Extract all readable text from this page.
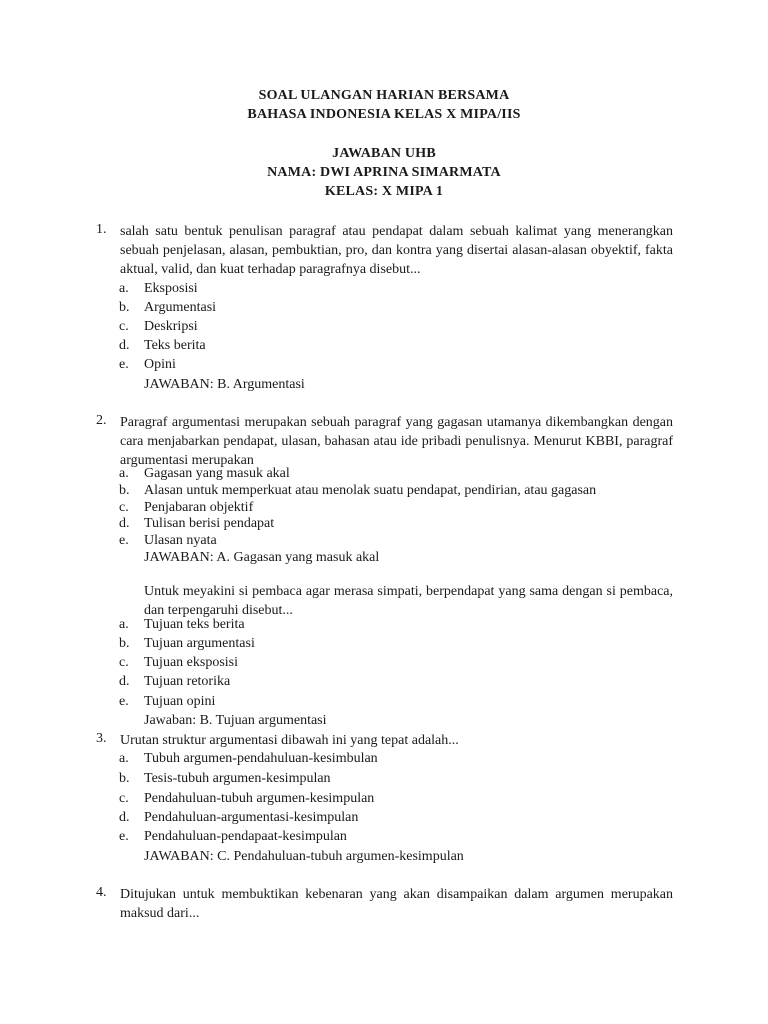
SOAL ULANGAN HARIAN BERSAMA
BAHASA INDONESIA KELAS X MIPA/IIS
JAWABAN UHB
NAMA: DWI APRINA SIMARMATA
KELAS: X MIPA 1
1. salah satu bentuk penulisan paragraf atau pendapat dalam sebuah kalimat yang menerangkan sebuah penjelasan, alasan, pembuktian, pro, dan kontra yang disertai alasan-alasan obyektif, fakta aktual, valid, dan kuat terhadap paragrafnya disebut...
a. Eksposisi
b. Argumentasi
c. Deskripsi
d. Teks berita
e. Opini
JAWABAN: B. Argumentasi
2. Paragraf argumentasi merupakan sebuah paragraf yang gagasan utamanya dikembangkan dengan cara menjabarkan pendapat, ulasan, bahasan atau ide pribadi penulisnya. Menurut KBBI, paragraf argumentasi merupakan
a. Gagasan yang masuk akal
b. Alasan untuk memperkuat atau menolak suatu pendapat, pendirian, atau gagasan
c. Penjabaran objektif
d. Tulisan berisi pendapat
e. Ulasan nyata
JAWABAN: A. Gagasan yang masuk akal
Untuk meyakini si pembaca agar merasa simpati, berpendapat yang sama dengan si pembaca, dan terpengaruhi disebut...
a. Tujuan teks berita
b. Tujuan argumentasi
c. Tujuan eksposisi
d. Tujuan retorika
e. Tujuan opini
Jawaban: B. Tujuan argumentasi
3. Urutan struktur argumentasi dibawah ini yang tepat adalah...
a. Tubuh argumen-pendahuluan-kesimbulan
b. Tesis-tubuh argumen-kesimpulan
c. Pendahuluan-tubuh argumen-kesimpulan
d. Pendahuluan-argumentasi-kesimpulan
e. Pendahuluan-pendapaat-kesimpulan
JAWABAN: C. Pendahuluan-tubuh argumen-kesimpulan
4. Ditujukan untuk membuktikan kebenaran yang akan disampaikan dalam argumen merupakan maksud dari...
